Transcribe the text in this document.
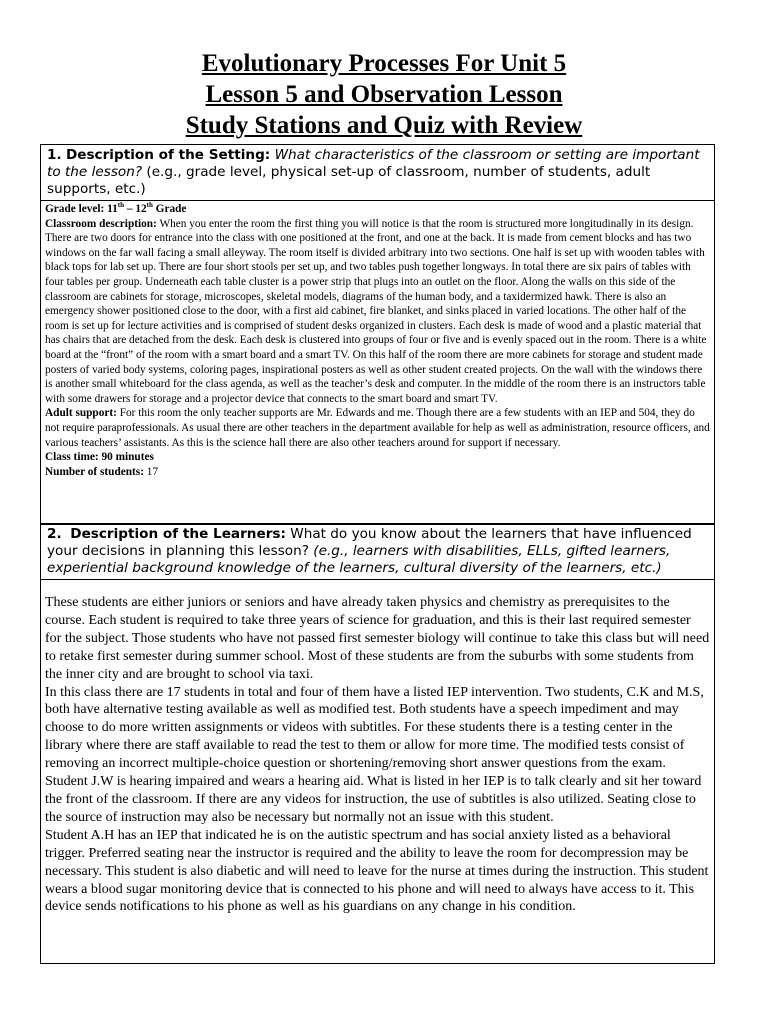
Evolutionary Processes For Unit 5
Lesson 5 and Observation Lesson
Study Stations and Quiz with Review
1. Description of the Setting: What characteristics of the classroom or setting are important to the lesson? (e.g., grade level, physical set-up of classroom, number of students, adult supports, etc.)

Grade level: 11th – 12th Grade

Classroom description: When you enter the room the first thing you will notice is that the room is structured more longitudinally in its design. There are two doors for entrance into the class with one positioned at the front, and one at the back. It is made from cement blocks and has two windows on the far wall facing a small alleyway. The room itself is divided arbitrary into two sections. One half is set up with wooden tables with black tops for lab set up. There are four short stools per set up, and two tables push together longways. In total there are six pairs of tables with four tables per group. Underneath each table cluster is a power strip that plugs into an outlet on the floor. Along the walls on this side of the classroom are cabinets for storage, microscopes, skeletal models, diagrams of the human body, and a taxidermized hawk. There is also an emergency shower positioned close to the door, with a first aid cabinet, fire blanket, and sinks placed in varied locations. The other half of the room is set up for lecture activities and is comprised of student desks organized in clusters. Each desk is made of wood and a plastic material that has chairs that are detached from the desk. Each desk is clustered into groups of four or five and is evenly spaced out in the room. There is a white board at the “front” of the room with a smart board and a smart TV. On this half of the room there are more cabinets for storage and student made posters of varied body systems, coloring pages, inspirational posters as well as other student created projects. On the wall with the windows there is another small whiteboard for the class agenda, as well as the teacher’s desk and computer. In the middle of the room there is an instructors table with some drawers for storage and a projector device that connects to the smart board and smart TV.

Adult support: For this room the only teacher supports are Mr. Edwards and me. Though there are a few students with an IEP and 504, they do not require paraprofessionals. As usual there are other teachers in the department available for help as well as administration, resource officers, and various teachers’ assistants. As this is the science hall there are also other teachers around for support if necessary.

Class time: 90 minutes

Number of students: 17

2. Description of the Learners: What do you know about the learners that have influenced your decisions in planning this lesson? (e.g., learners with disabilities, ELLs, gifted learners, experiential background knowledge of the learners, cultural diversity of the learners, etc.)

These students are either juniors or seniors and have already taken physics and chemistry as prerequisites to the course. Each student is required to take three years of science for graduation, and this is their last required semester for the subject. Those students who have not passed first semester biology will continue to take this class but will need to retake first semester during summer school. Most of these students are from the suburbs with some students from the inner city and are brought to school via taxi.

In this class there are 17 students in total and four of them have a listed IEP intervention. Two students, C.K and M.S, both have alternative testing available as well as modified test. Both students have a speech impediment and may choose to do more written assignments or videos with subtitles. For these students there is a testing center in the library where there are staff available to read the test to them or allow for more time. The modified tests consist of removing an incorrect multiple-choice question or shortening/removing short answer questions from the exam.

Student J.W is hearing impaired and wears a hearing aid. What is listed in her IEP is to talk clearly and sit her toward the front of the classroom. If there are any videos for instruction, the use of subtitles is also utilized. Seating close to the source of instruction may also be necessary but normally not an issue with this student.

Student A.H has an IEP that indicated he is on the autistic spectrum and has social anxiety listed as a behavioral trigger. Preferred seating near the instructor is required and the ability to leave the room for decompression may be necessary. This student is also diabetic and will need to leave for the nurse at times during the instruction. This student wears a blood sugar monitoring device that is connected to his phone and will need to always have access to it. This device sends notifications to his phone as well as his guardians on any change in his condition.
